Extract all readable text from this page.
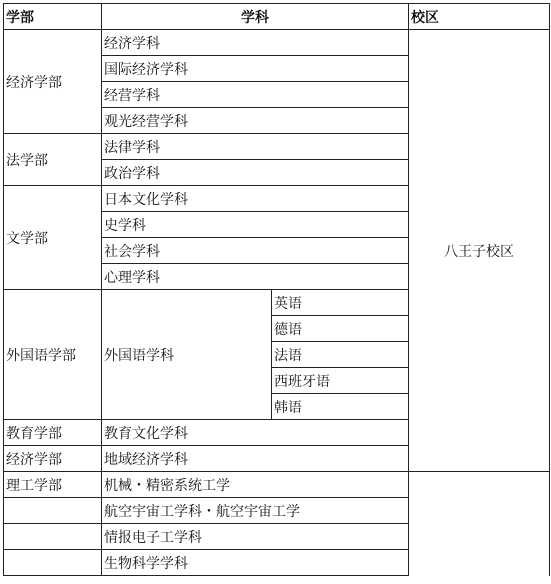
学部	学科		校区	
经济学部	经济学科		八王子校区	
	国际经济学科			
	经营学科			
	观光经营学科			
法学部	法律学科			
	政治学科			
文学部	日本文化学科			
	史学科			
	社会学科			
	心理学科			
外国语学部	外国语学科	英语		
		德语		
		法语		
		西班牙语		
		韩语		
教育学部	教育文化学科			
经济学部	地域经济学科	
理工学部	机械・精密系统工学			
	航空宇宙工学科・航空宇宙工学			
	情报电子工学科			
	生物科学学科			
